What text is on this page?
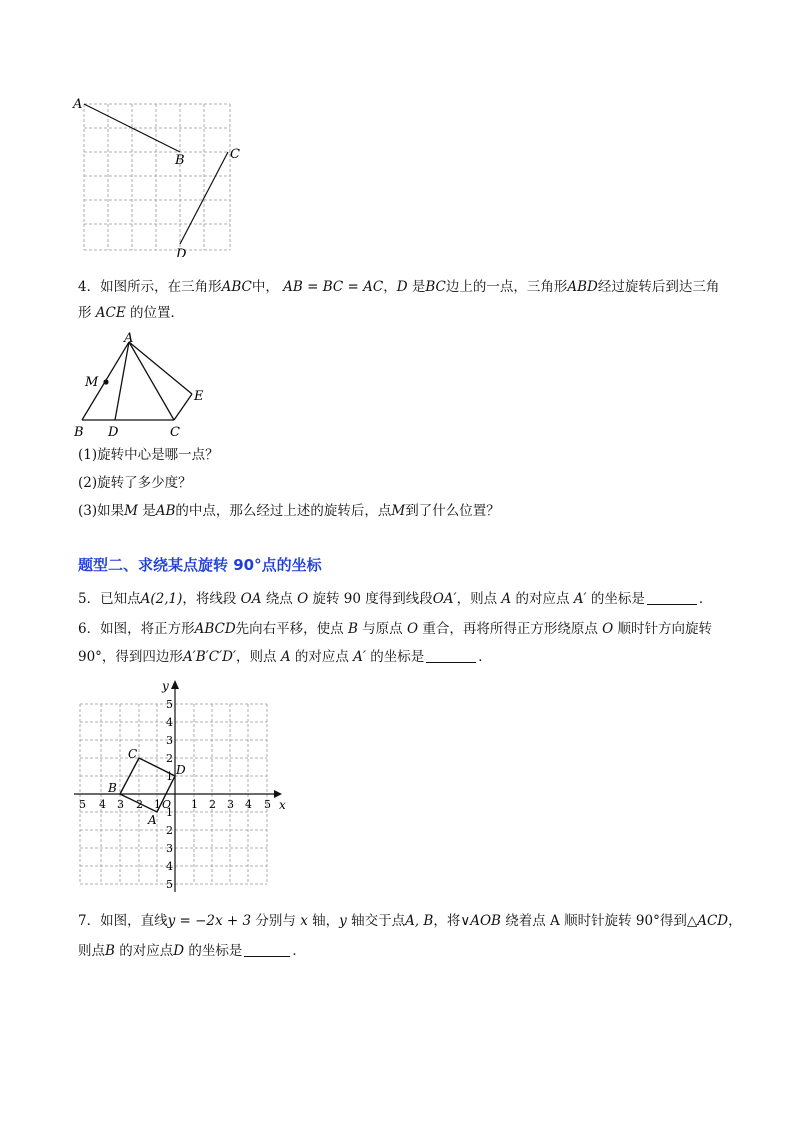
A
B	C
D
4．如图所示，在三角形ABC中， AB = BC = AC，D 是BC边上的一点，三角形ABD经过旋转后到达三角
形 ACE 的位置．
A
M
E
B D	C
(1)旋转中心是哪一点？
(2)旋转了多少度？
(3)如果M 是AB的中点，那么经过上述的旋转后，点M到了什么位置？
题型二、求绕某点旋转 90°点的坐标
5．已知点A(2,1)，将线段 OA 绕点 O 旋转 90 度得到线段OA′，则点 A 的对应点 A′ 的坐标是	．
6．如图，将正方形ABCD先向右平移，使点 B 与原点 O 重合，再将所得正方形绕原点 O 顺时针方向旋转
90°，得到四边形A′B′C′D′，则点 A 的对应点 A′ 的坐标是	．
x
y
O
5 4 3 2 1	1 2 3 4 5
5
4
3
2
1
1
2
3
4
5
B
C
D
A
7．如图，直线y = −2x + 3 分别与 x 轴，y 轴交于点A, B，将∨AOB 绕着点 A 顺时针旋转 90°得到△ACD，
则点B 的对应点D 的坐标是	．
